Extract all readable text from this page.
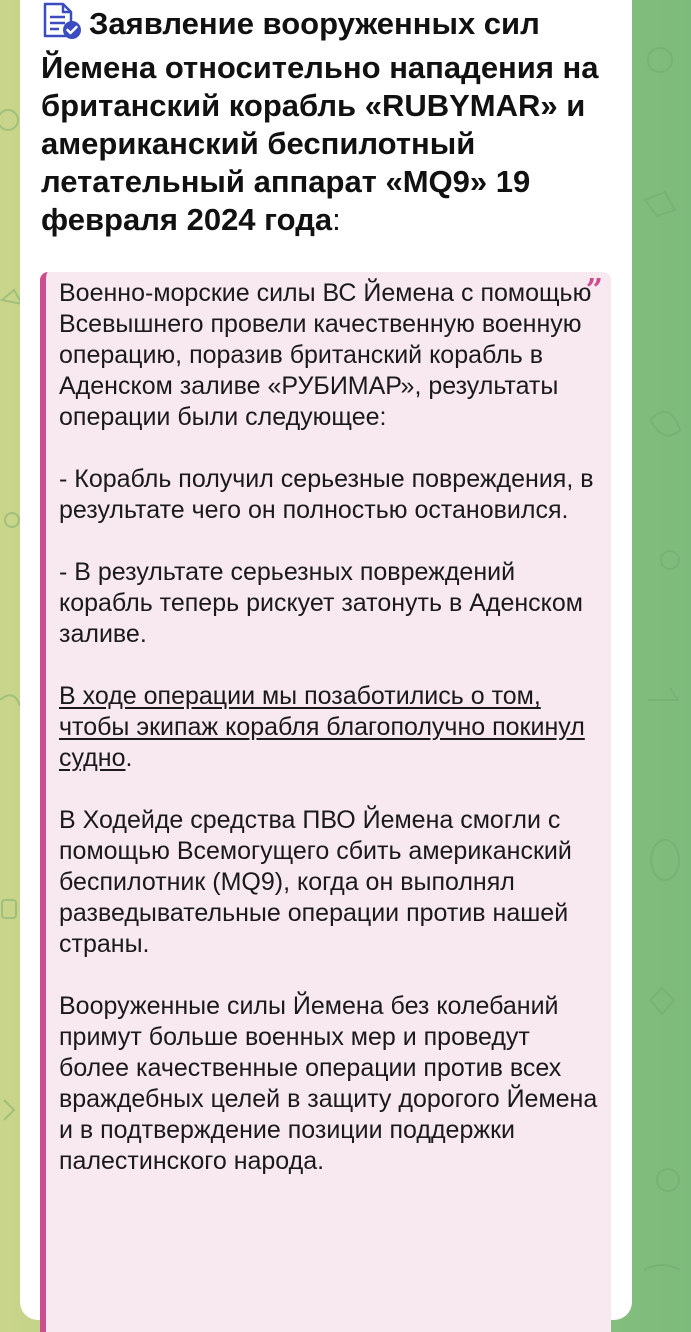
Заявление вооруженных сил Йемена относительно нападения на британский корабль «RUBYMAR» и американский беспилотный летательный аппарат «MQ9» 19 февраля 2024 года:
”

Военно-морские силы ВС Йемена с помощью Всевышнего провели качественную военную операцию, поразив британский корабль в Аденском заливе «РУБИМАР», результаты операции были следующее:

- Корабль получил серьезные повреждения, в результате чего он полностью остановился.

- В результате серьезных повреждений корабль теперь рискует затонуть в Аденском заливе.

В ходе операции мы позаботились о том, чтобы экипаж корабля благополучно покинул судно.

В Ходейде средства ПВО Йемена смогли с помощью Всемогущего сбить американский беспилотник (MQ9), когда он выполнял разведывательные операции против нашей страны.

Вооруженные силы Йемена без колебаний примут больше военных мер и проведут более качественные операции против всех враждебных целей в защиту дорогого Йемена и в подтверждение позиции поддержки палестинского народа.
